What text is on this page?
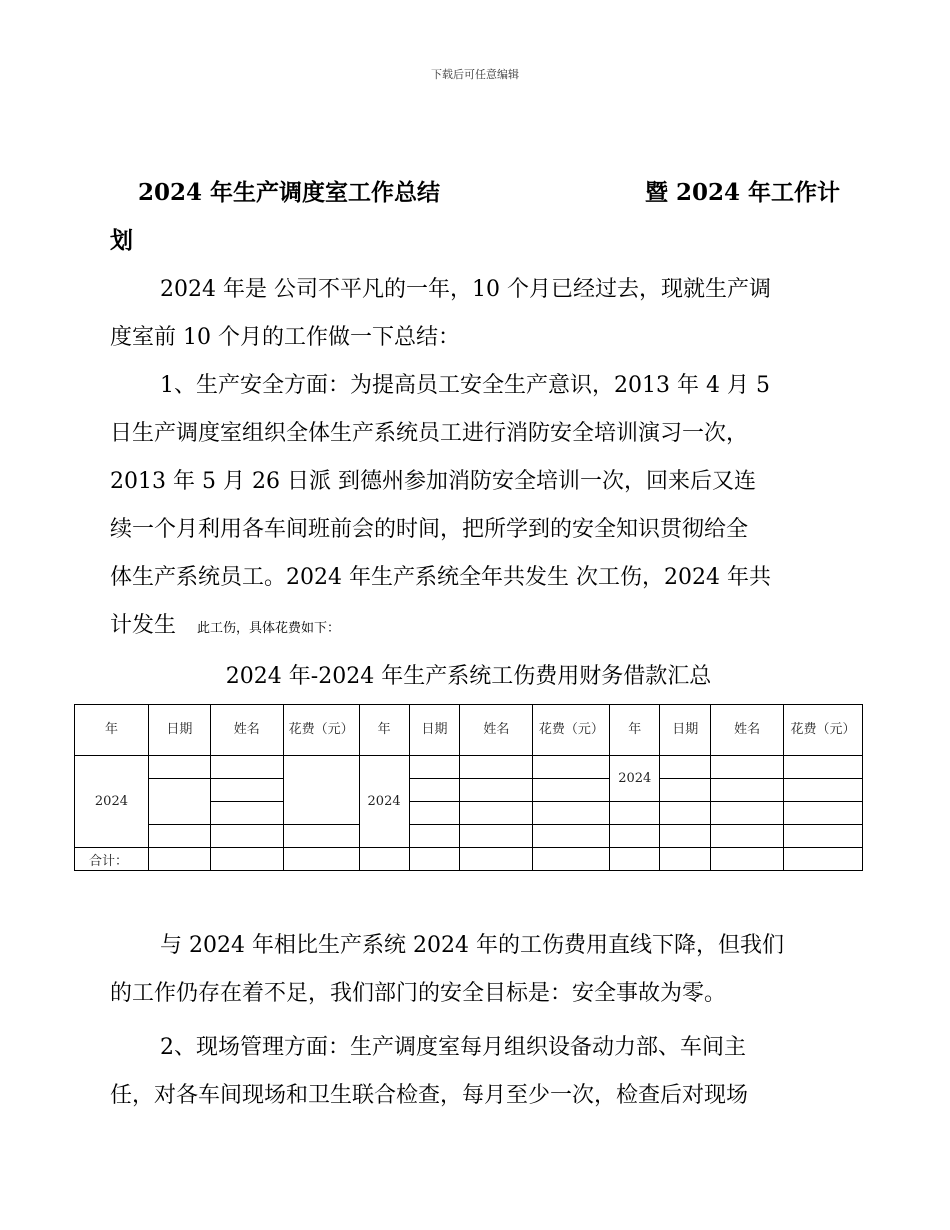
下载后可任意编辑
2024 年生产调度室工作总结	暨 2024 年工作计
划
2024 年是 公司不平凡的一年，10 个月已经过去，现就生产调
度室前 10 个月的工作做一下总结：
1、生产安全方面：为提高员工安全生产意识，2013 年 4 月 5
日生产调度室组织全体生产系统员工进行消防安全培训演习一次，
2013 年 5 月 26 日派 到德州参加消防安全培训一次，回来后又连
续一个月利用各车间班前会的时间，把所学到的安全知识贯彻给全
体生产系统员工。2024 年生产系统全年共发生 次工伤，2024 年共
计发生 此工伤，具体花费如下：
2024 年-2024 年生产系统工伤费用财务借款汇总
年	日期	姓名	花费（元）	年	日期	姓名	花费（元）	年	日期	姓名	花费（元）
2024				2024				2024			

合计：											
与 2024 年相比生产系统 2024 年的工伤费用直线下降，但我们
的工作仍存在着不足，我们部门的安全目标是：安全事故为零。
2、现场管理方面：生产调度室每月组织设备动力部、车间主
任，对各车间现场和卫生联合检查，每月至少一次，检查后对现场
